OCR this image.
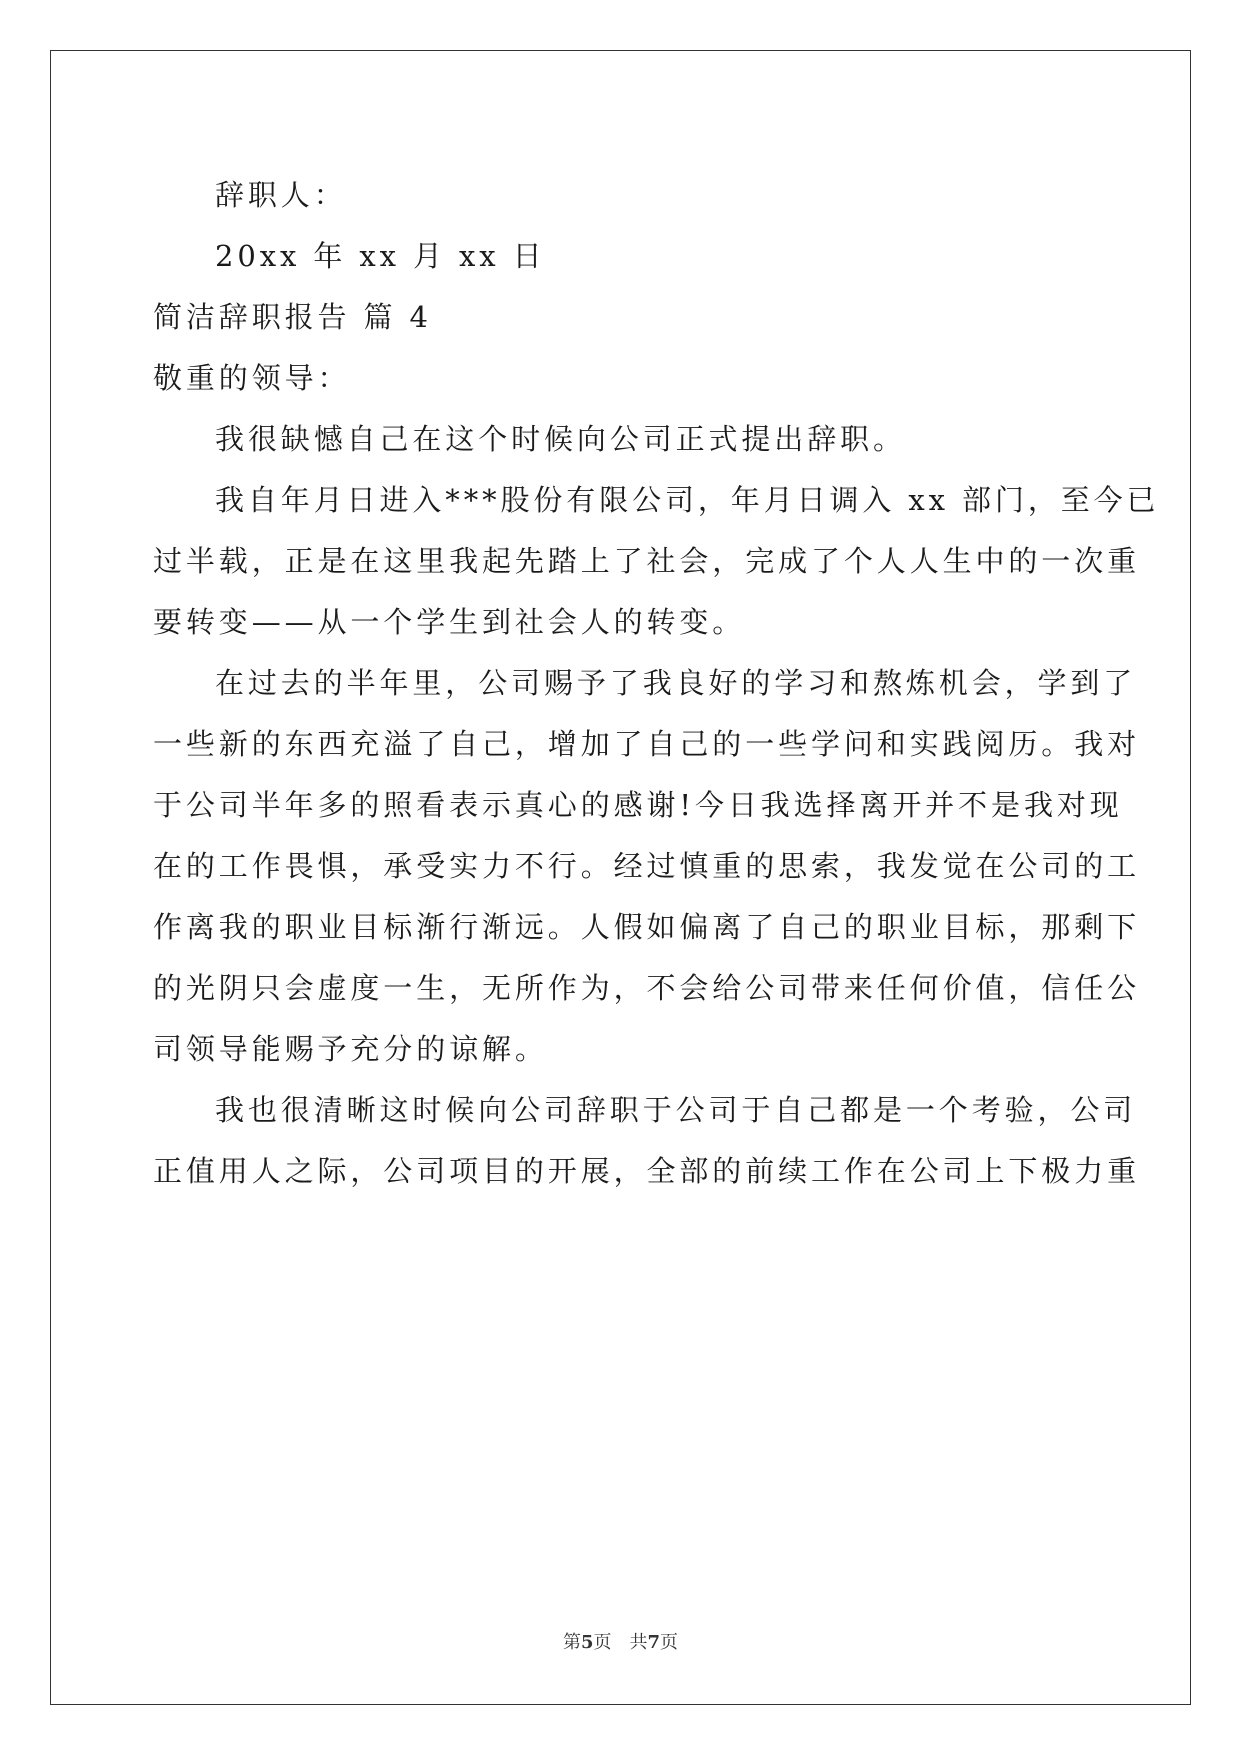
辞职人：
20xx 年 xx 月 xx 日
简洁辞职报告 篇 4
敬重的领导：
我很缺憾自己在这个时候向公司正式提出辞职。
我自年月日进入***股份有限公司，年月日调入 xx 部门，至今已
过半载，正是在这里我起先踏上了社会，完成了个人人生中的一次重
要转变——从一个学生到社会人的转变。
在过去的半年里，公司赐予了我良好的学习和熬炼机会，学到了
一些新的东西充溢了自己，增加了自己的一些学问和实践阅历。我对
于公司半年多的照看表示真心的感谢!今日我选择离开并不是我对现
在的工作畏惧，承受实力不行。经过慎重的思索，我发觉在公司的工
作离我的职业目标渐行渐远。人假如偏离了自己的职业目标，那剩下
的光阴只会虚度一生，无所作为，不会给公司带来任何价值，信任公
司领导能赐予充分的谅解。
我也很清晰这时候向公司辞职于公司于自己都是一个考验，公司
正值用人之际，公司项目的开展，全部的前续工作在公司上下极力重
第5页　共7页
